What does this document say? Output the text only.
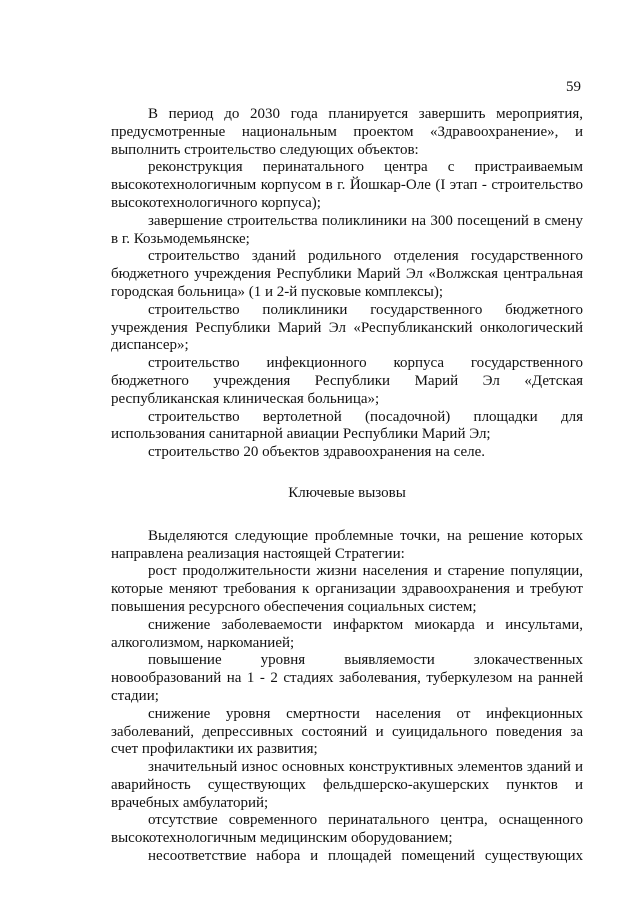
59

В период до 2030 года планируется завершить мероприятия, предусмотренные национальным проектом «Здравоохранение», и выполнить строительство следующих объектов:

реконструкция перинатального центра с пристраиваемым высокотехнологичным корпусом в г. Йошкар-Оле (I этап - строительство высокотехнологичного корпуса);

завершение строительства поликлиники на 300 посещений в смену в г. Козьмодемьянске;

строительство зданий родильного отделения государственного бюджетного учреждения Республики Марий Эл «Волжская центральная городская больница» (1 и 2-й пусковые комплексы);

строительство поликлиники государственного бюджетного учреждения Республики Марий Эл «Республиканский онкологический диспансер»;

строительство инфекционного корпуса государственного бюджетного учреждения Республики Марий Эл «Детская республиканская клиническая больница»;

строительство вертолетной (посадочной) площадки для использования санитарной авиации Республики Марий Эл;

строительство 20 объектов здравоохранения на селе.

Ключевые вызовы

Выделяются следующие проблемные точки, на решение которых направлена реализация настоящей Стратегии:

рост продолжительности жизни населения и старение популяции, которые меняют требования к организации здравоохранения и требуют повышения ресурсного обеспечения социальных систем;

снижение заболеваемости инфарктом миокарда и инсультами, алкоголизмом, наркоманией;

повышение уровня выявляемости злокачественных новообразований на 1 - 2 стадиях заболевания, туберкулезом на ранней стадии;

снижение уровня смертности населения от инфекционных заболеваний, депрессивных состояний и суицидального поведения за счет профилактики их развития;

значительный износ основных конструктивных элементов зданий и аварийность существующих фельдшерско-акушерских пунктов и врачебных амбулаторий;

отсутствие современного перинатального центра, оснащенного высокотехнологичным медицинским оборудованием;

несоответствие набора и площадей помещений существующих
